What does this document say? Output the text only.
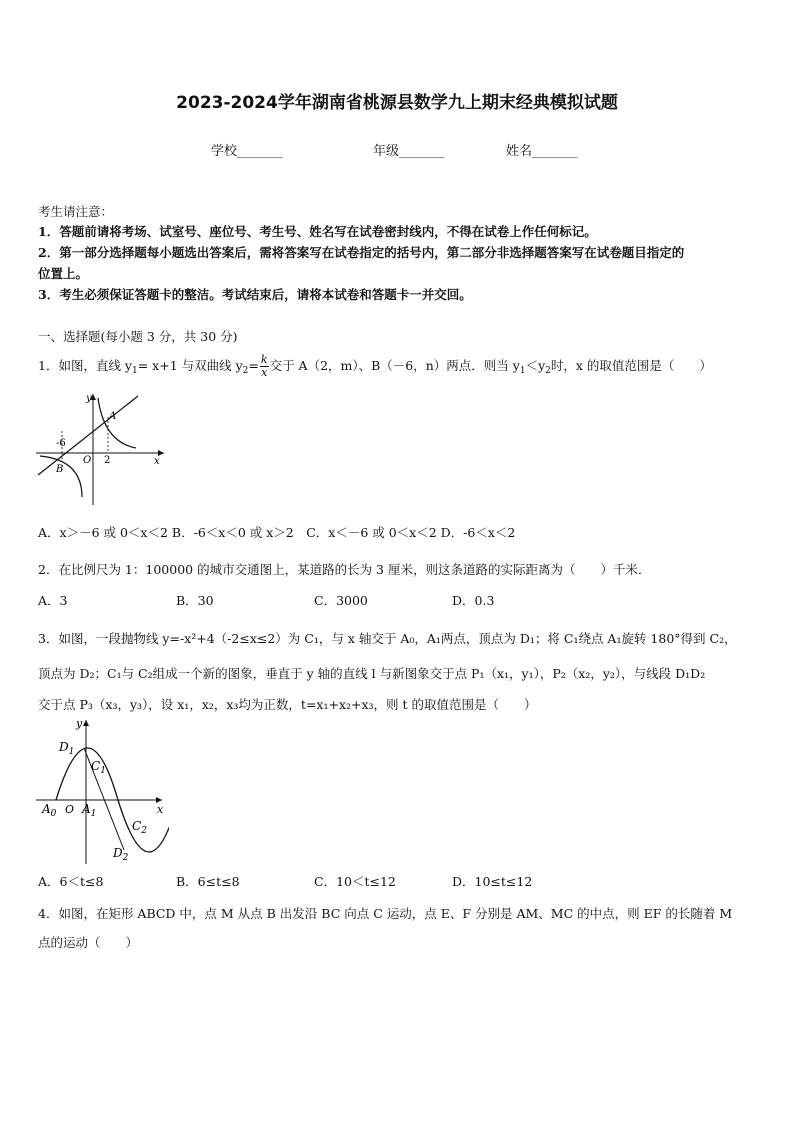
2023-2024学年湖南省桃源县数学九上期末经典模拟试题
学校_______	年级_______	姓名_______
考生请注意：
1．答题前请将考场、试室号、座位号、考生号、姓名写在试卷密封线内，不得在试卷上作任何标记。
2．第一部分选择题每小题选出答案后，需将答案写在试卷指定的括号内，第二部分非选择题答案写在试卷题目指定的
位置上。
3．考生必须保证答题卡的整洁。考试结束后，请将本试卷和答题卡一并交回。
一、选择题(每小题 3 分，共 30 分)
1．如图，直线 $y_1= x+1$ 与双曲线 $y_2= \frac{k}{x}$ 交于 A（2，m）、B（－6，n）两点．则当 $y_1<y_2$时，x 的取值范围是（　　）
y
x
O
A
B
-6
2
A．x＞－6 或 0＜x＜2 B．-6＜x＜0 或 x＞2　C．x＜－6 或 0＜x＜2 D．-6＜x＜2
2．在比例尺为 1：100000 的城市交通图上，某道路的长为 3 厘米，则这条道路的实际距离为（　　）千米．
A．3	B．30	C．3000	D．0.3
3．如图，一段抛物线 y=-x²+4（-2≤x≤2）为 C₁，与 x 轴交于 A₀，A₁两点，顶点为 D₁；将 C₁绕点 A₁旋转 180°得到 C₂，
顶点为 D₂；C₁与 C₂组成一个新的图象，垂直于 y 轴的直线 l 与新图象交于点 P₁（x₁，y₁），P₂（x₂，y₂），与线段 D₁D₂
交于点 P₃（x₃，y₃），设 x₁，x₂，x₃均为正数，t=x₁+x₂+x₃，则 t 的取值范围是（　　）
y
x
O
$D_1$
$C_1$
$A_0$ $A_1$
$C_2$
$D_2$
A．6＜t≤8	B．6≤t≤8	C．10＜t≤12	D．10≤t≤12
4．如图，在矩形 ABCD 中，点 M 从点 B 出发沿 BC 向点 C 运动，点 E、F 分别是 AM、MC 的中点，则 EF 的长随着 M
点的运动（　　）
